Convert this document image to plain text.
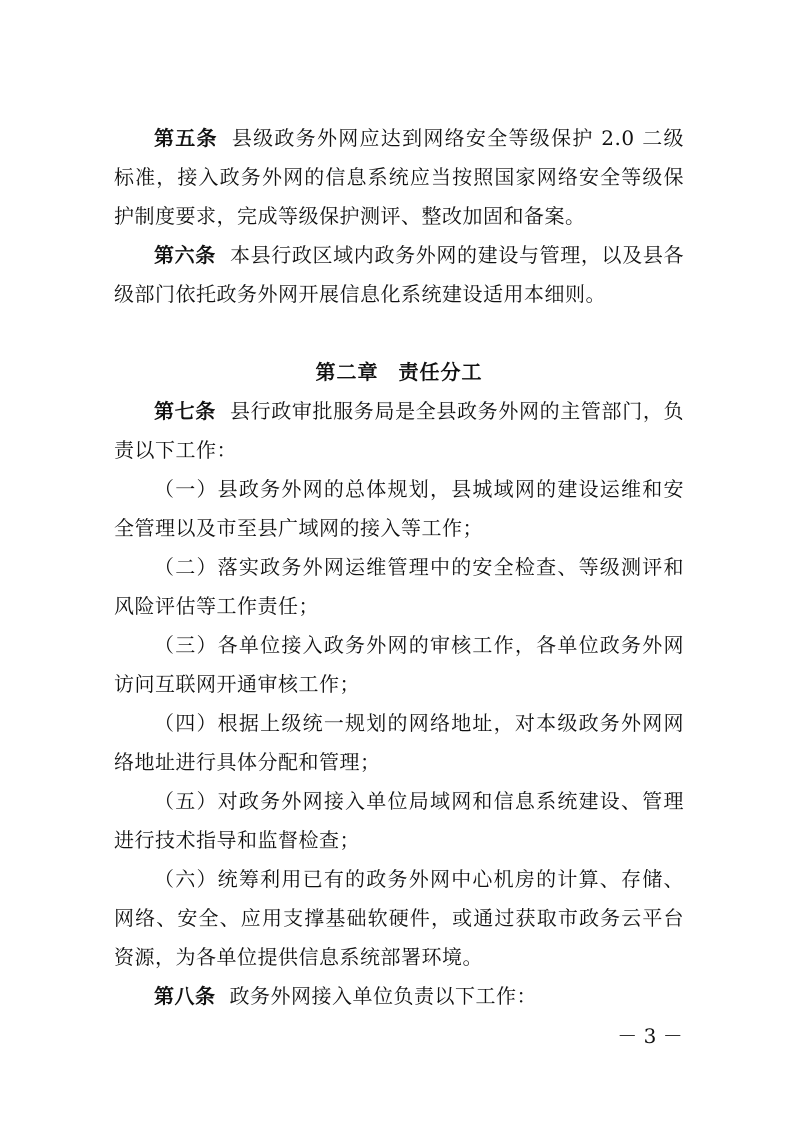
第五条 县级政务外网应达到网络安全等级保护 2.0 二级标准，接入政务外网的信息系统应当按照国家网络安全等级保护制度要求，完成等级保护测评、整改加固和备案。

第六条 本县行政区域内政务外网的建设与管理，以及县各级部门依托政务外网开展信息化系统建设适用本细则。

第二章 责任分工

第七条 县行政审批服务局是全县政务外网的主管部门，负责以下工作：

（一）县政务外网的总体规划，县城域网的建设运维和安全管理以及市至县广域网的接入等工作；

（二）落实政务外网运维管理中的安全检查、等级测评和风险评估等工作责任；

（三）各单位接入政务外网的审核工作，各单位政务外网访问互联网开通审核工作；

（四）根据上级统一规划的网络地址，对本级政务外网网络地址进行具体分配和管理；

（五）对政务外网接入单位局域网和信息系统建设、管理进行技术指导和监督检查；

（六）统筹利用已有的政务外网中心机房的计算、存储、网络、安全、应用支撑基础软硬件，或通过获取市政务云平台资源，为各单位提供信息系统部署环境。

第八条 政务外网接入单位负责以下工作：

－ 3 －
